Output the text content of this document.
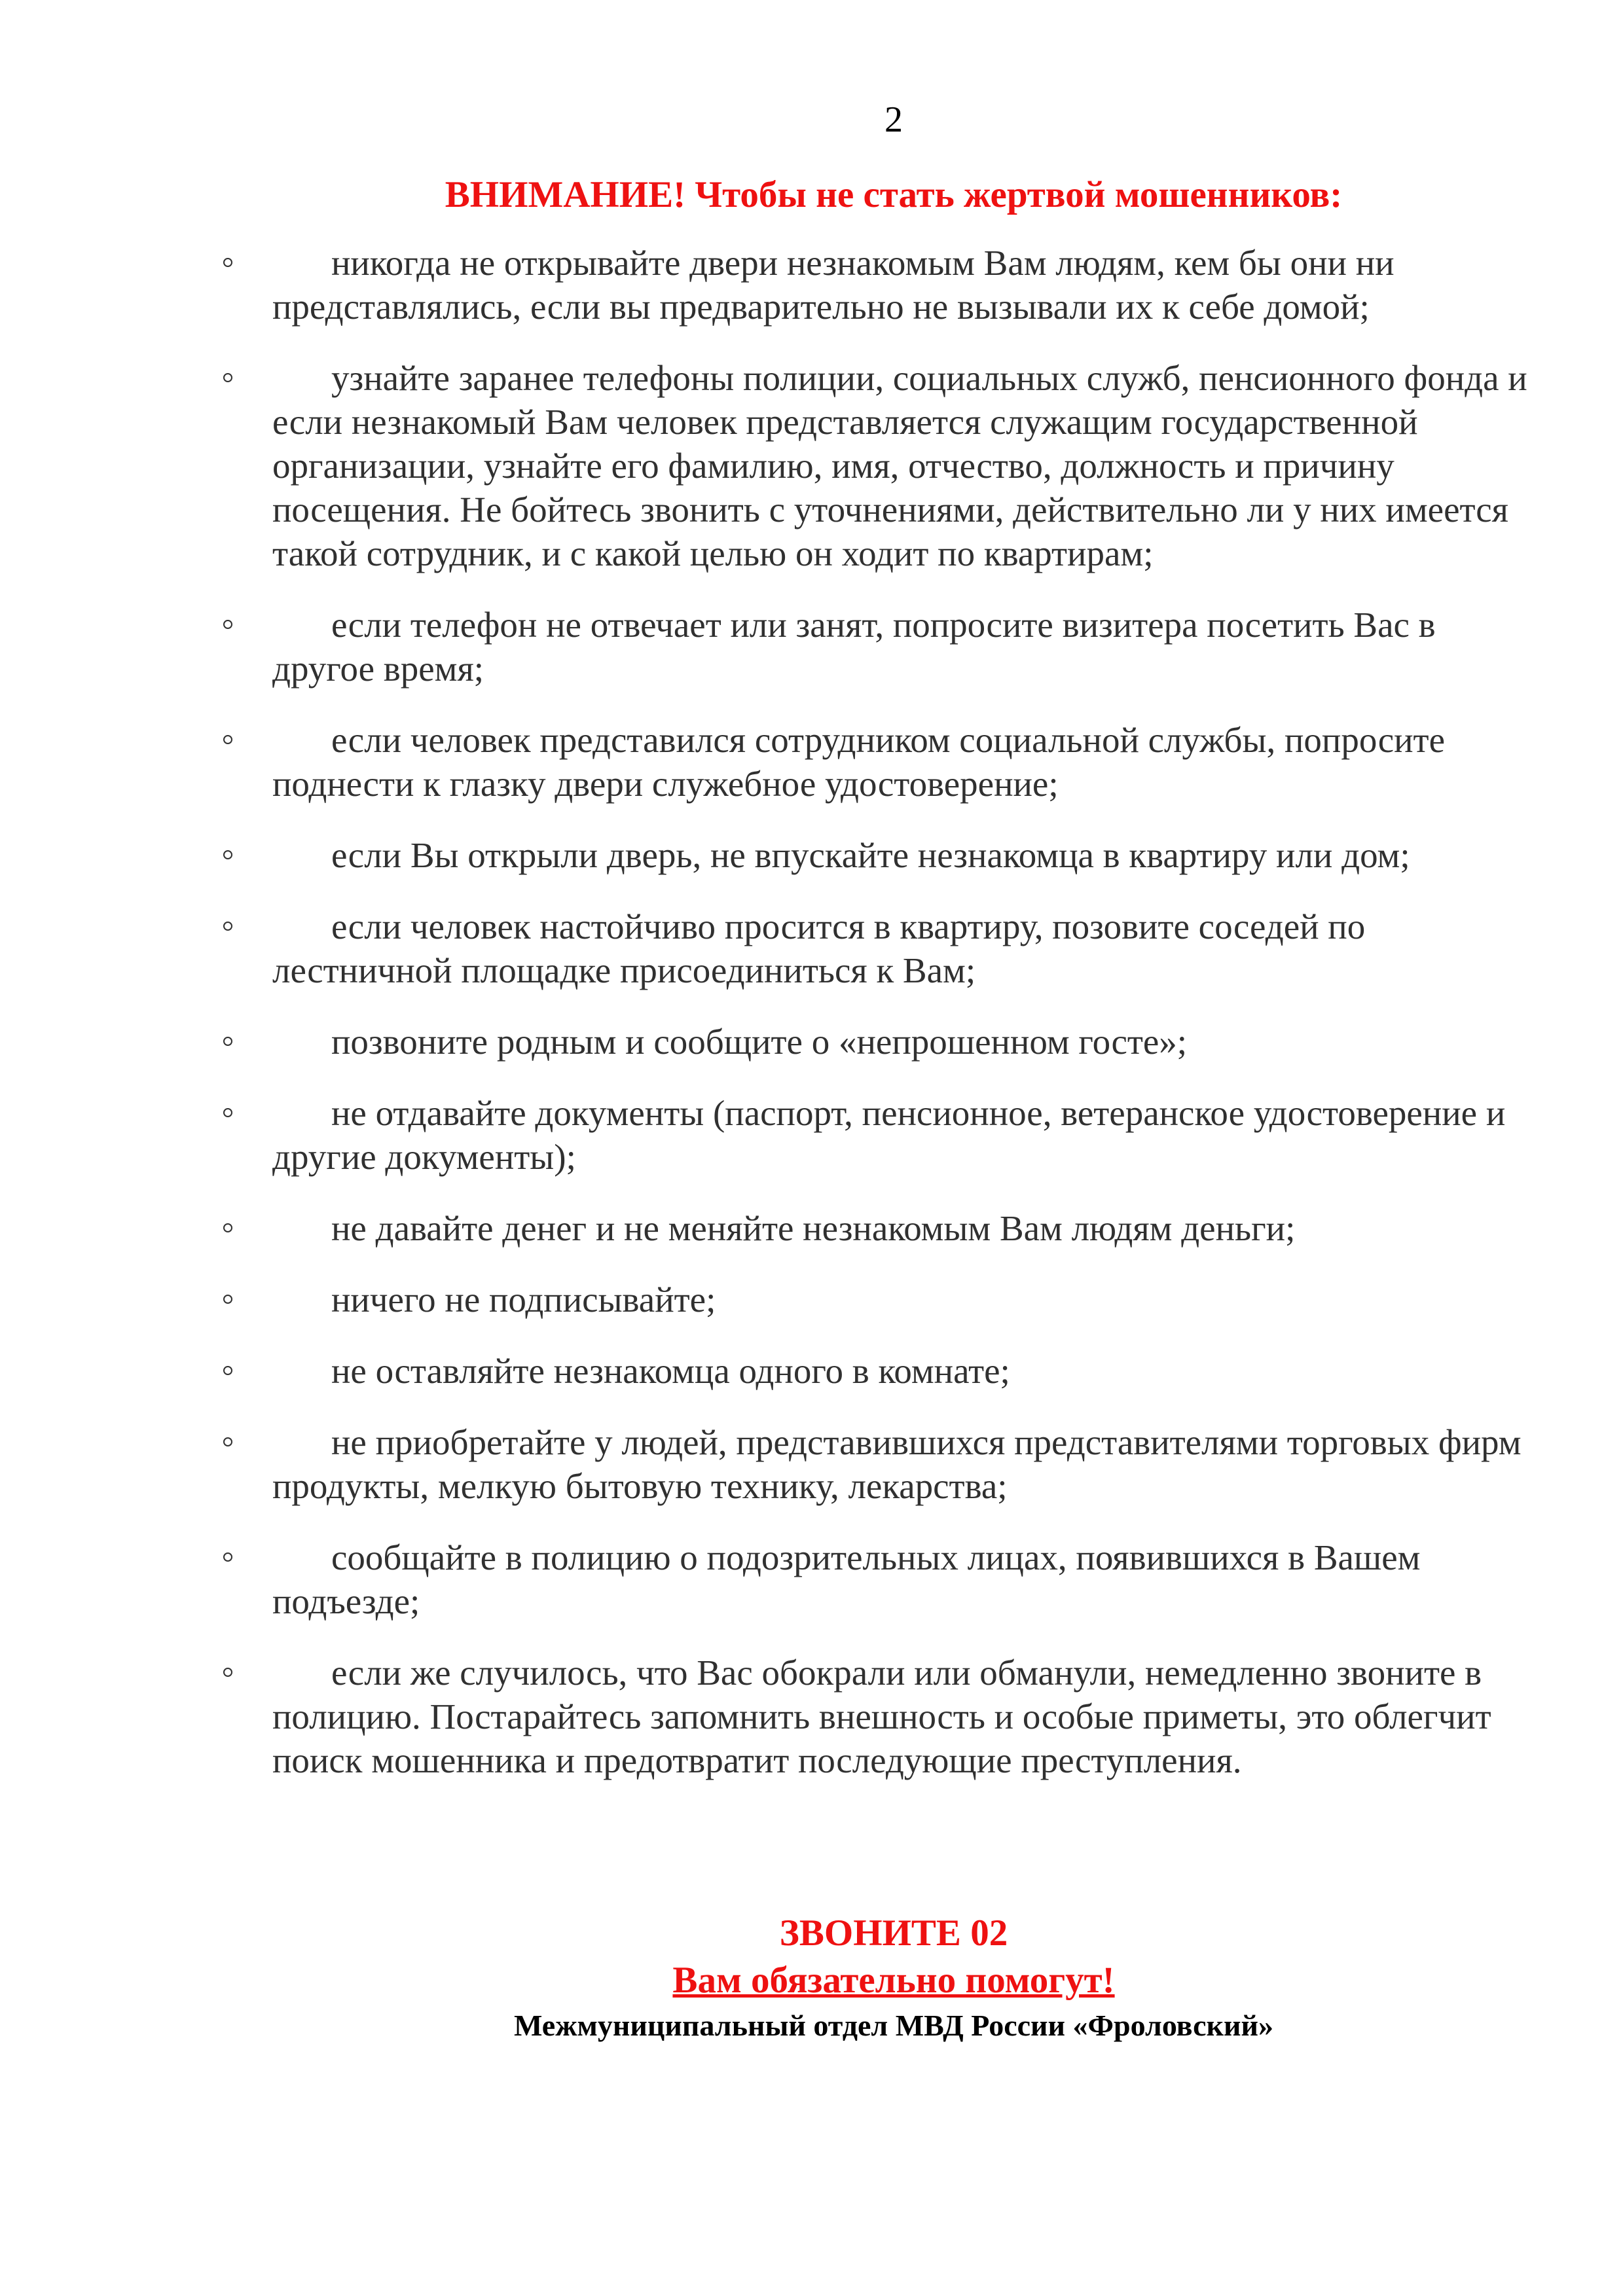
2
ВНИМАНИЕ! Чтобы не стать жертвой мошенников:
никогда не открывайте двери незнакомым Вам людям, кем бы они ни представлялись, если вы предварительно не вызывали их к себе домой;
узнайте заранее телефоны полиции, социальных служб, пенсионного фонда и если незнакомый Вам человек представляется служащим государственной организации, узнайте его фамилию, имя, отчество, должность и причину посещения. Не бойтесь звонить с уточнениями, действительно ли у них имеется такой сотрудник, и с какой целью он ходит по квартирам;
если телефон не отвечает или занят, попросите визитера посетить Вас в другое время;
если человек представился сотрудником социальной службы, попросите поднести к глазку двери служебное удостоверение;
если Вы открыли дверь, не впускайте незнакомца в квартиру или дом;
если человек настойчиво просится в квартиру, позовите соседей по лестничной площадке присоединиться к Вам;
позвоните родным и сообщите о «непрошенном госте»;
не отдавайте документы (паспорт, пенсионное, ветеранское удостоверение и другие документы);
не давайте денег и не меняйте незнакомым Вам людям деньги;
ничего не подписывайте;
не оставляйте незнакомца одного в комнате;
не приобретайте у людей, представившихся представителями торговых фирм продукты, мелкую бытовую технику, лекарства;
сообщайте в полицию о подозрительных лицах, появившихся в Вашем подъезде;
если же случилось, что Вас обокрали или обманули, немедленно звоните в полицию. Постарайтесь запомнить внешность и особые приметы, это облегчит поиск мошенника и предотвратит последующие преступления.

ЗВОНИТЕ 02

Вам обязательно помогут!

Межмуниципальный отдел МВД России «Фроловский»
